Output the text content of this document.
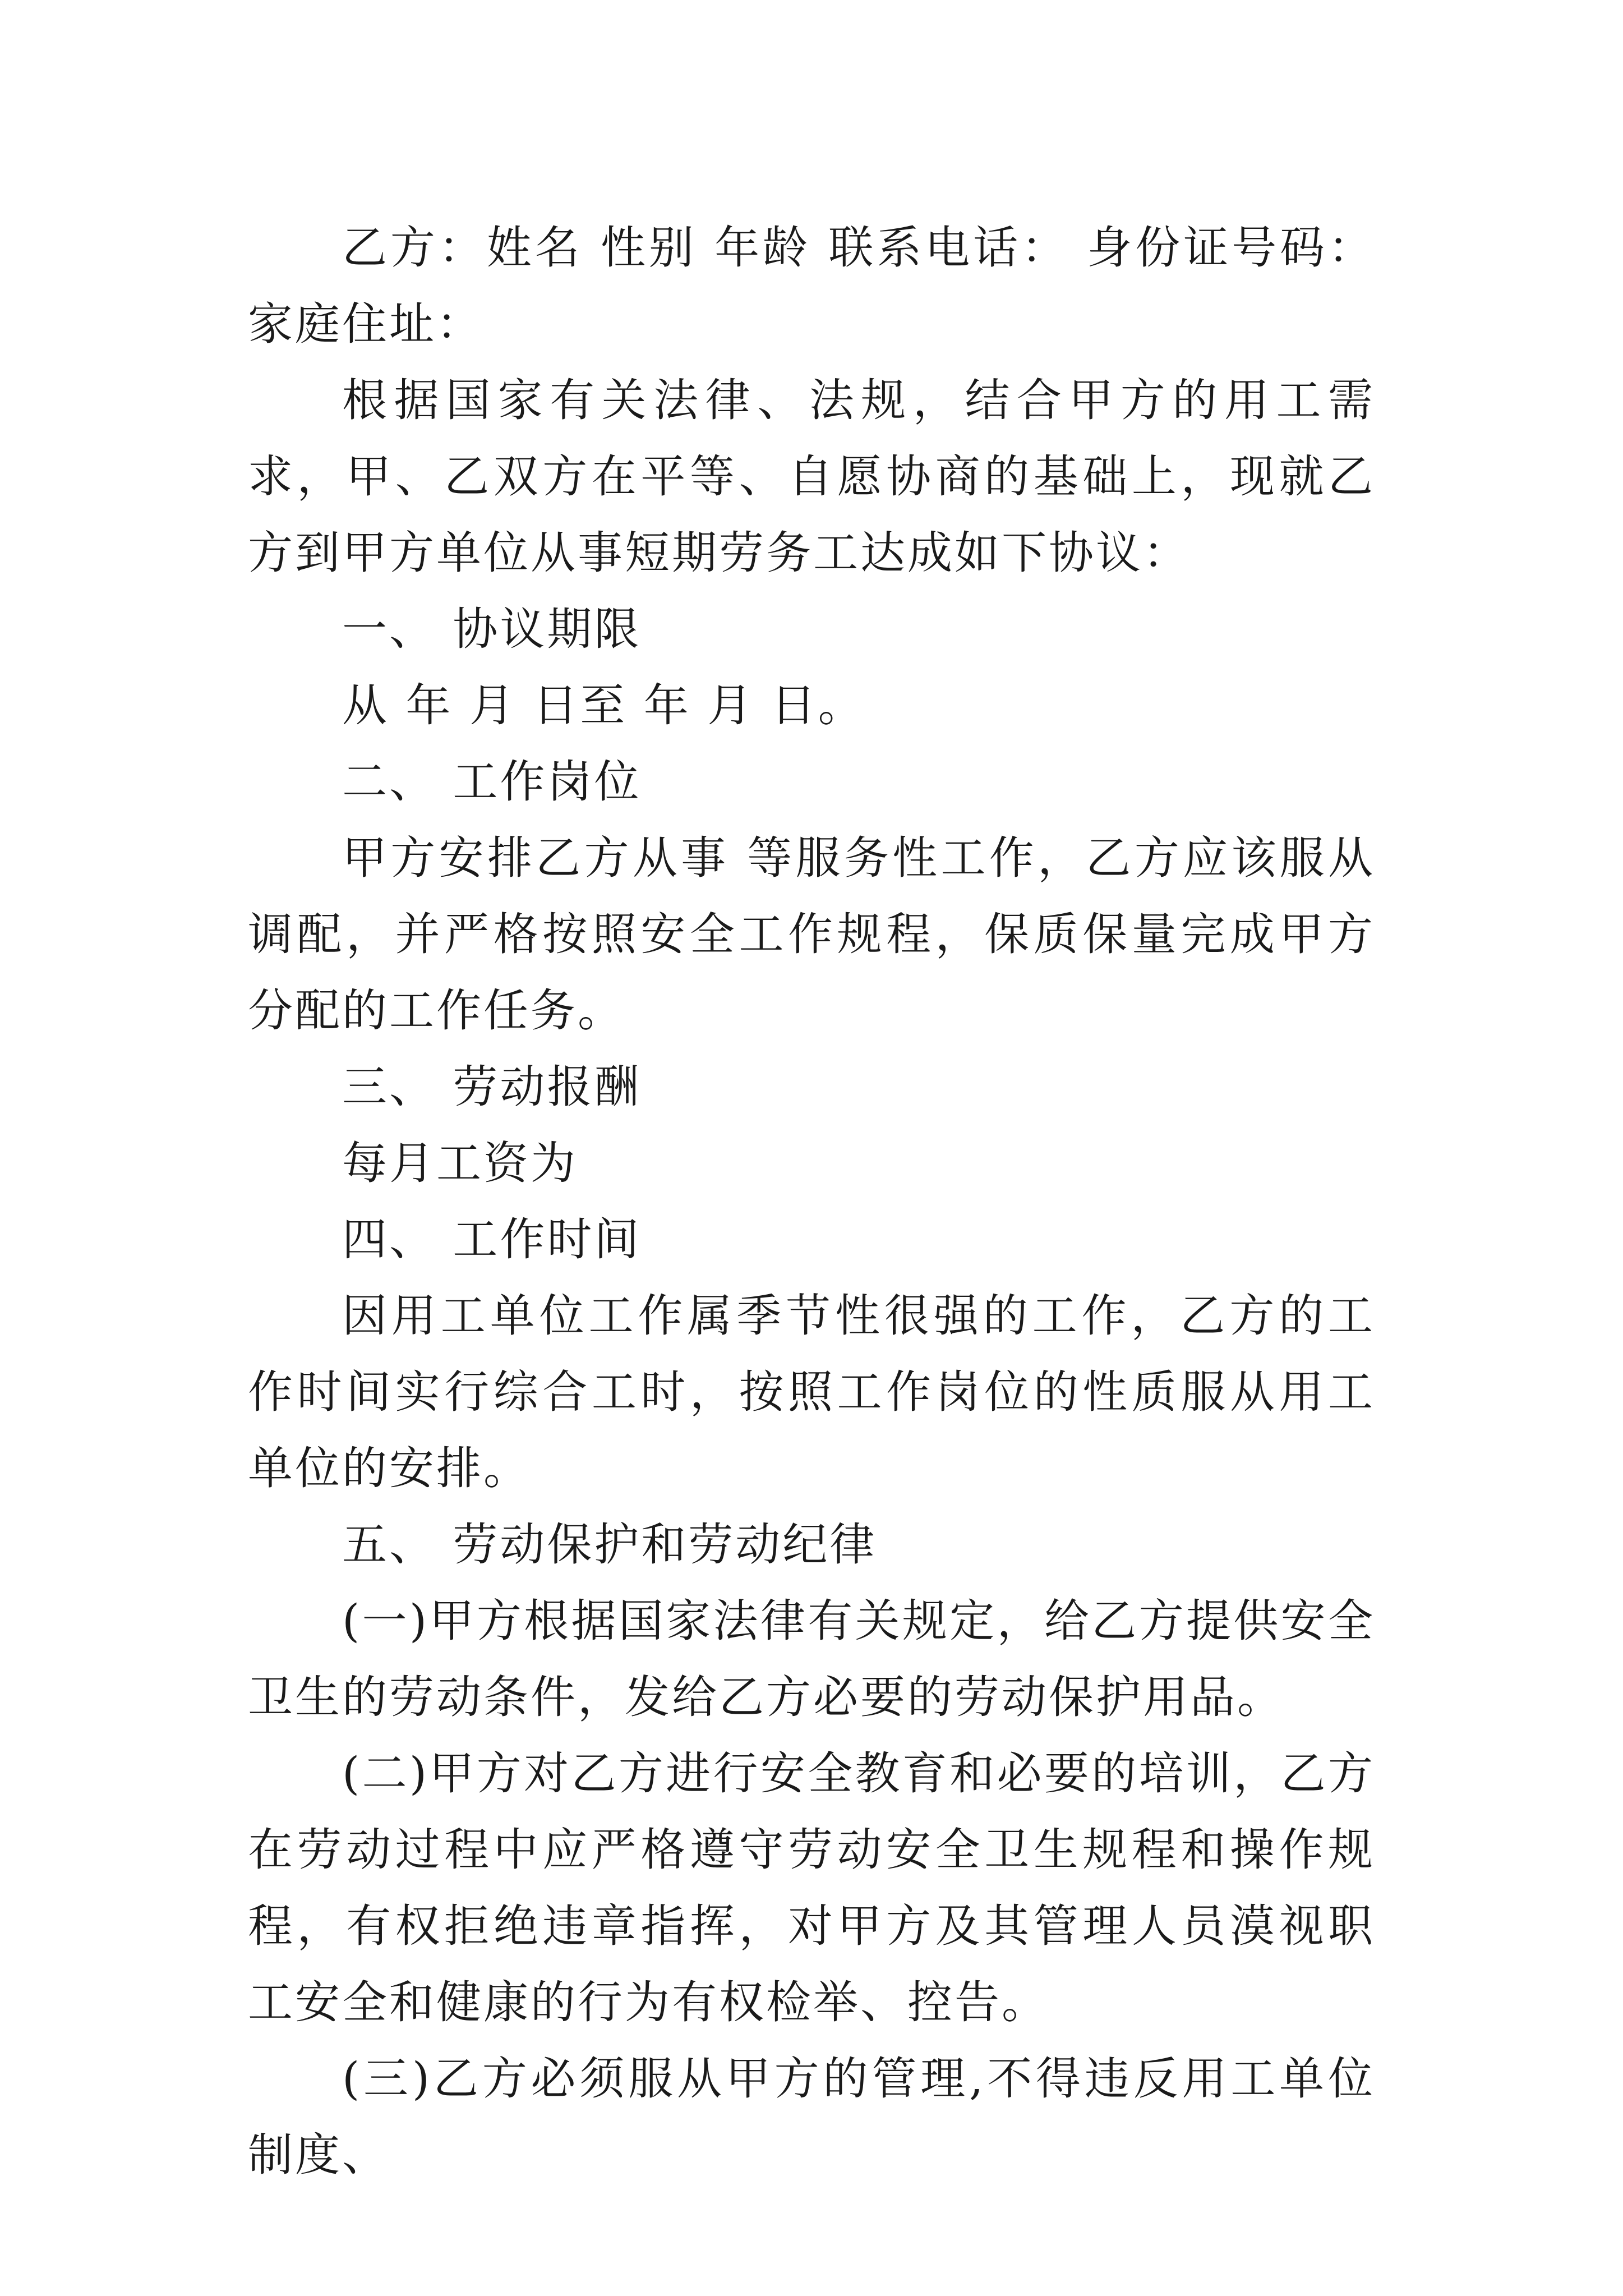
乙方：姓名 性别 年龄 联系电话： 身份证号码： 家庭住址：

根据国家有关法律、法规，结合甲方的用工需求，甲、乙双方在平等、自愿协商的基础上，现就乙方到甲方单位从事短期劳务工达成如下协议：

一、 协议期限

从 年 月 日至 年 月 日。

二、 工作岗位

甲方安排乙方从事 等服务性工作，乙方应该服从调配，并严格按照安全工作规程，保质保量完成甲方分配的工作任务。

三、 劳动报酬

每月工资为

四、 工作时间

因用工单位工作属季节性很强的工作，乙方的工作时间实行综合工时，按照工作岗位的性质服从用工单位的安排。

五、 劳动保护和劳动纪律

(一)甲方根据国家法律有关规定，给乙方提供安全卫生的劳动条件，发给乙方必要的劳动保护用品。

(二)甲方对乙方进行安全教育和必要的培训，乙方在劳动过程中应严格遵守劳动安全卫生规程和操作规程，有权拒绝违章指挥，对甲方及其管理人员漠视职工安全和健康的行为有权检举、控告。

(三)乙方必须服从甲方的管理,不得违反用工单位制度、
